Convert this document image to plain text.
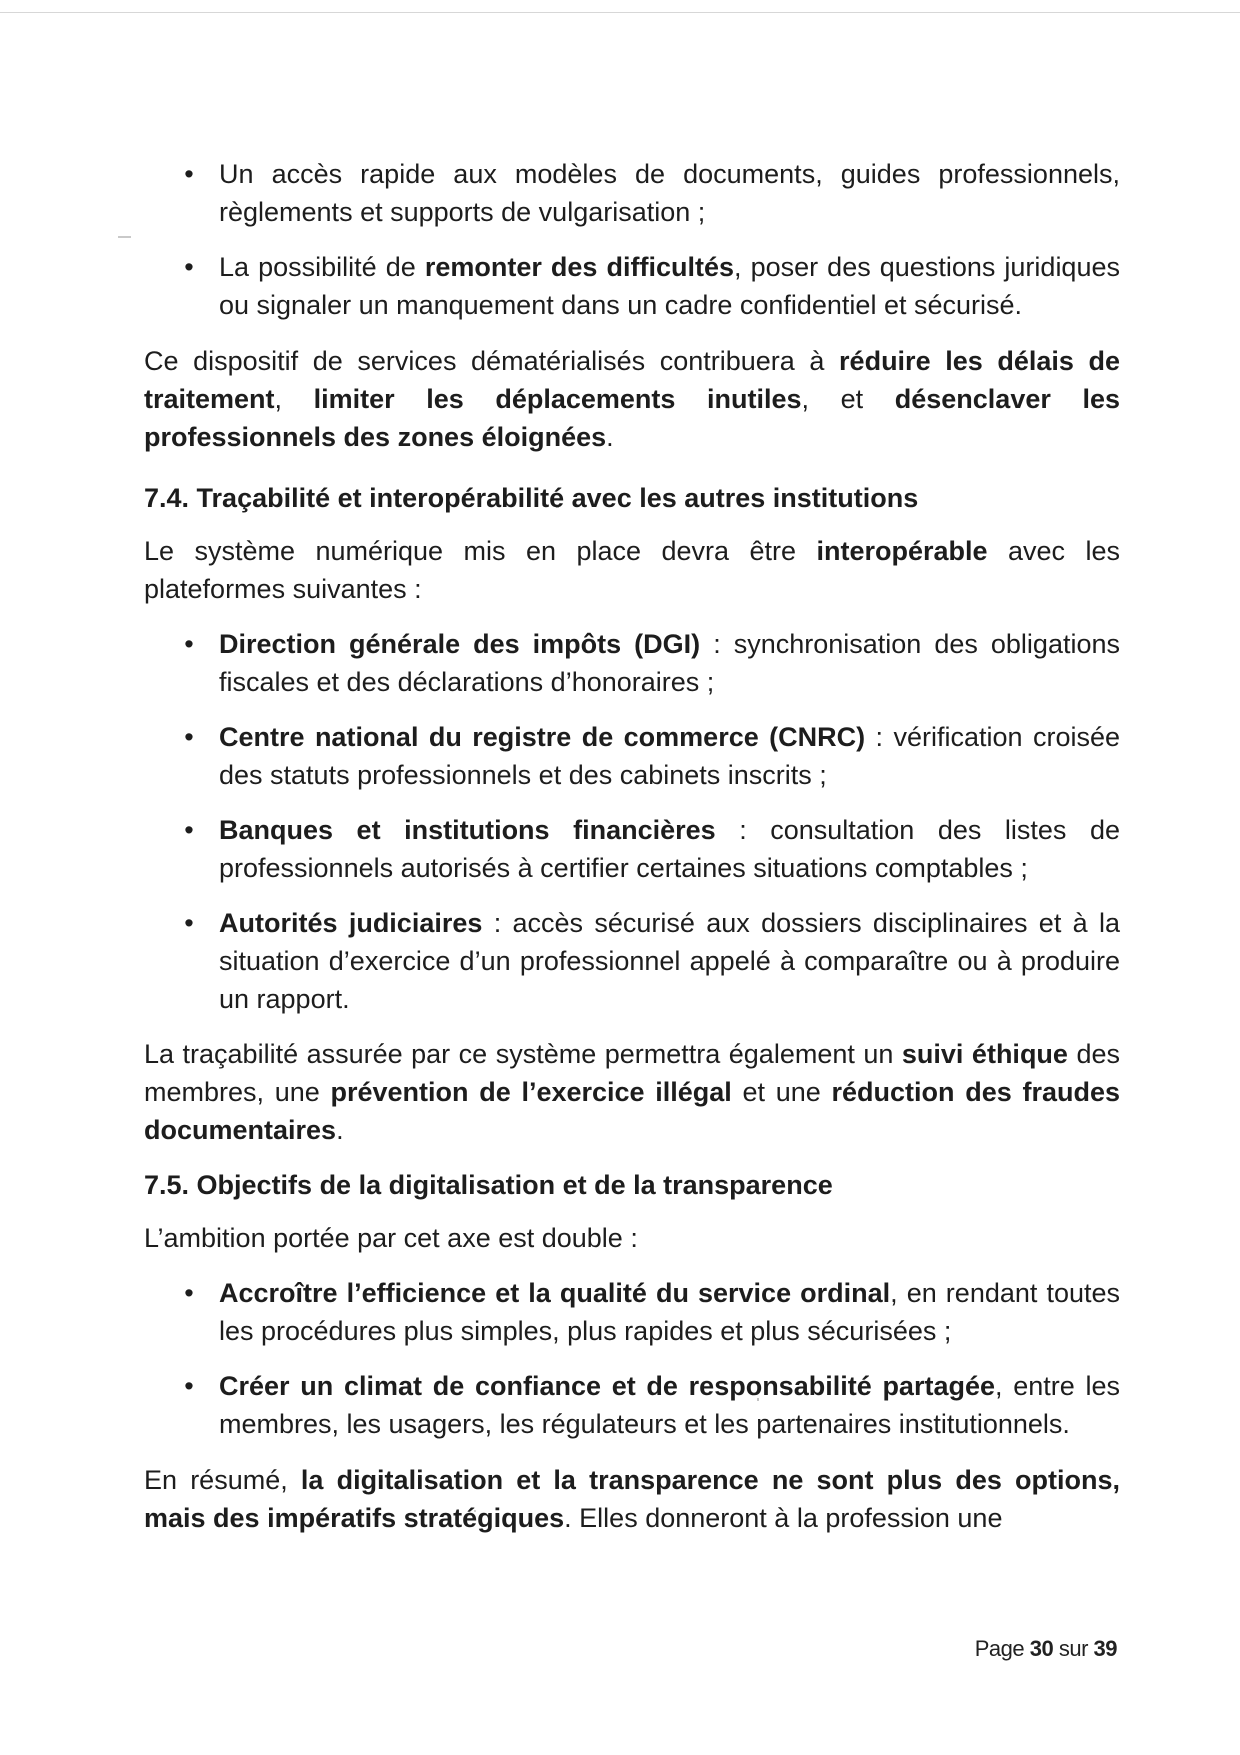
• Un accès rapide aux modèles de documents, guides professionnels, règlements et supports de vulgarisation ;
• La possibilité de remonter des difficultés, poser des questions juridiques ou signaler un manquement dans un cadre confidentiel et sécurisé.

Ce dispositif de services dématérialisés contribuera à réduire les délais de traitement, limiter les déplacements inutiles, et désenclaver les professionnels des zones éloignées.

7.4. Traçabilité et interopérabilité avec les autres institutions

Le système numérique mis en place devra être interopérable avec les plateformes suivantes :

• Direction générale des impôts (DGI) : synchronisation des obligations fiscales et des déclarations d’honoraires ;
• Centre national du registre de commerce (CNRC) : vérification croisée des statuts professionnels et des cabinets inscrits ;
• Banques et institutions financières : consultation des listes de professionnels autorisés à certifier certaines situations comptables ;
• Autorités judiciaires : accès sécurisé aux dossiers disciplinaires et à la situation d’exercice d’un professionnel appelé à comparaître ou à produire un rapport.

La traçabilité assurée par ce système permettra également un suivi éthique des membres, une prévention de l’exercice illégal et une réduction des fraudes documentaires.

7.5. Objectifs de la digitalisation et de la transparence

L’ambition portée par cet axe est double :

• Accroître l’efficience et la qualité du service ordinal, en rendant toutes les procédures plus simples, plus rapides et plus sécurisées ;
• Créer un climat de confiance et de responsabilité partagée, entre les membres, les usagers, les régulateurs et les partenaires institutionnels.

En résumé, la digitalisation et la transparence ne sont plus des options, mais des impératifs stratégiques. Elles donneront à la profession une

Page 30 sur 39
